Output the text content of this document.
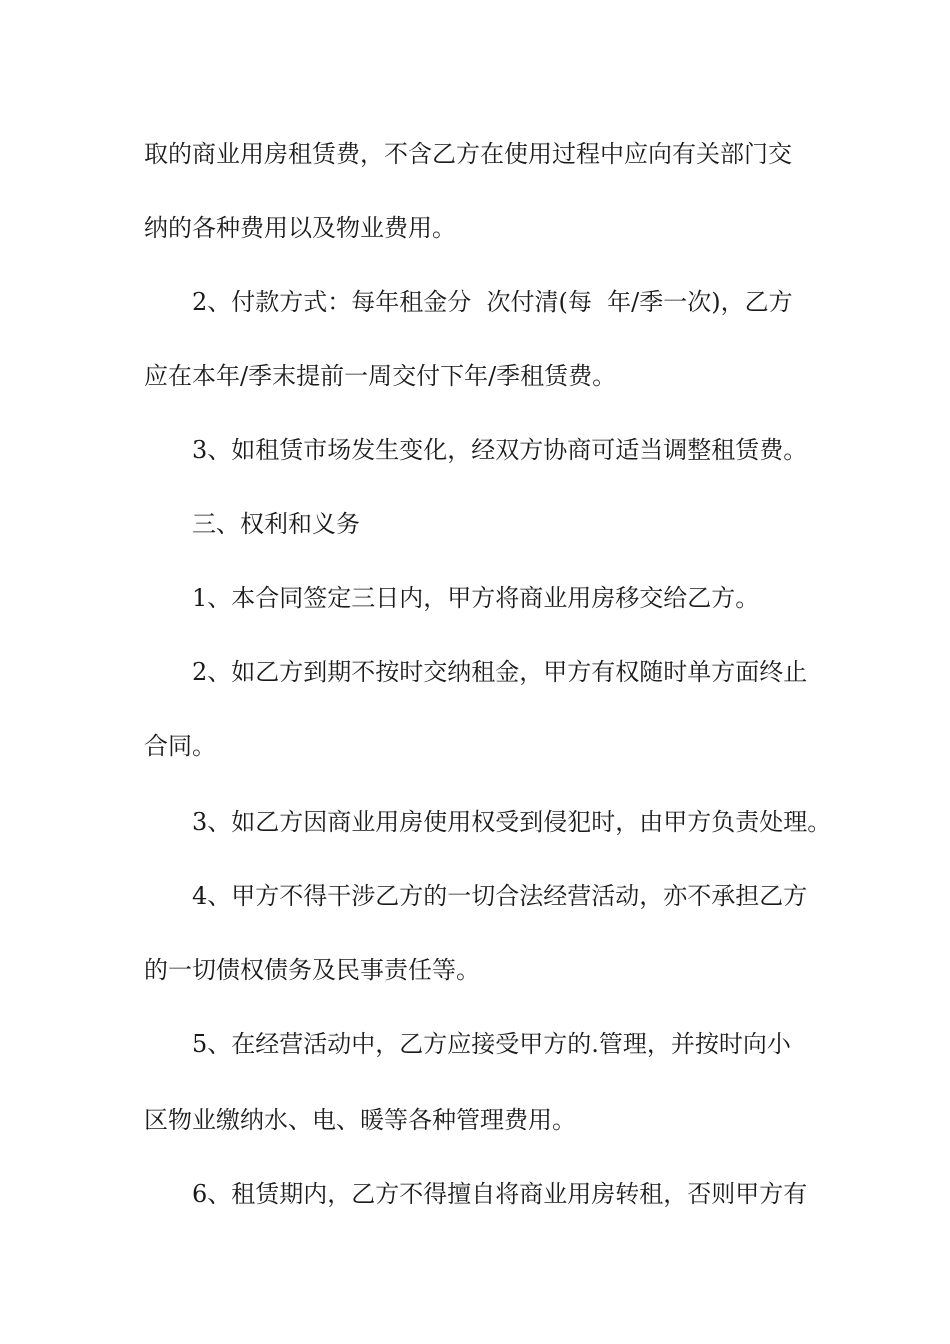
取的商业用房租赁费，不含乙方在使用过程中应向有关部门交

纳的各种费用以及物业费用。

2、付款方式：每年租金分  次付清(每  年/季一次)，乙方

应在本年/季末提前一周交付下年/季租赁费。

3、如租赁市场发生变化，经双方协商可适当调整租赁费。

三、权利和义务

1、本合同签定三日内，甲方将商业用房移交给乙方。

2、如乙方到期不按时交纳租金，甲方有权随时单方面终止

合同。

3、如乙方因商业用房使用权受到侵犯时，由甲方负责处理。

4、甲方不得干涉乙方的一切合法经营活动，亦不承担乙方

的一切债权债务及民事责任等。

5、在经营活动中，乙方应接受甲方的.管理，并按时向小

区物业缴纳水、电、暖等各种管理费用。

6、租赁期内，乙方不得擅自将商业用房转租，否则甲方有
